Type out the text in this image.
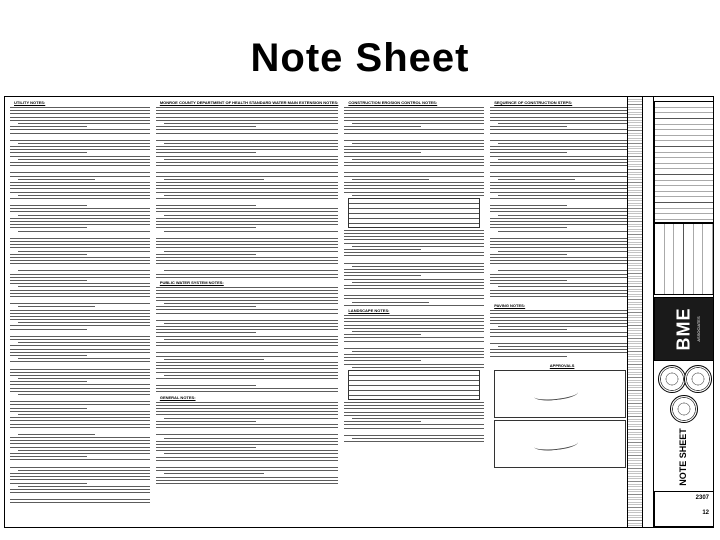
Note Sheet
UTILITY NOTES:	MONROE COUNTY DEPARTMENT OF HEALTH STANDARD WATER MAIN EXTENSION NOTES:
PUBLIC WATER SYSTEM NOTES:
GENERAL NOTES:
CONSTRUCTION EROSION CONTROL NOTES:
LANDSCAPE NOTES:
SEQUENCE OF CONSTRUCTION STEPS:
PAVING NOTES:
APPROVALS
BME ASSOCIATES
NOTE SHEET
2307
12
